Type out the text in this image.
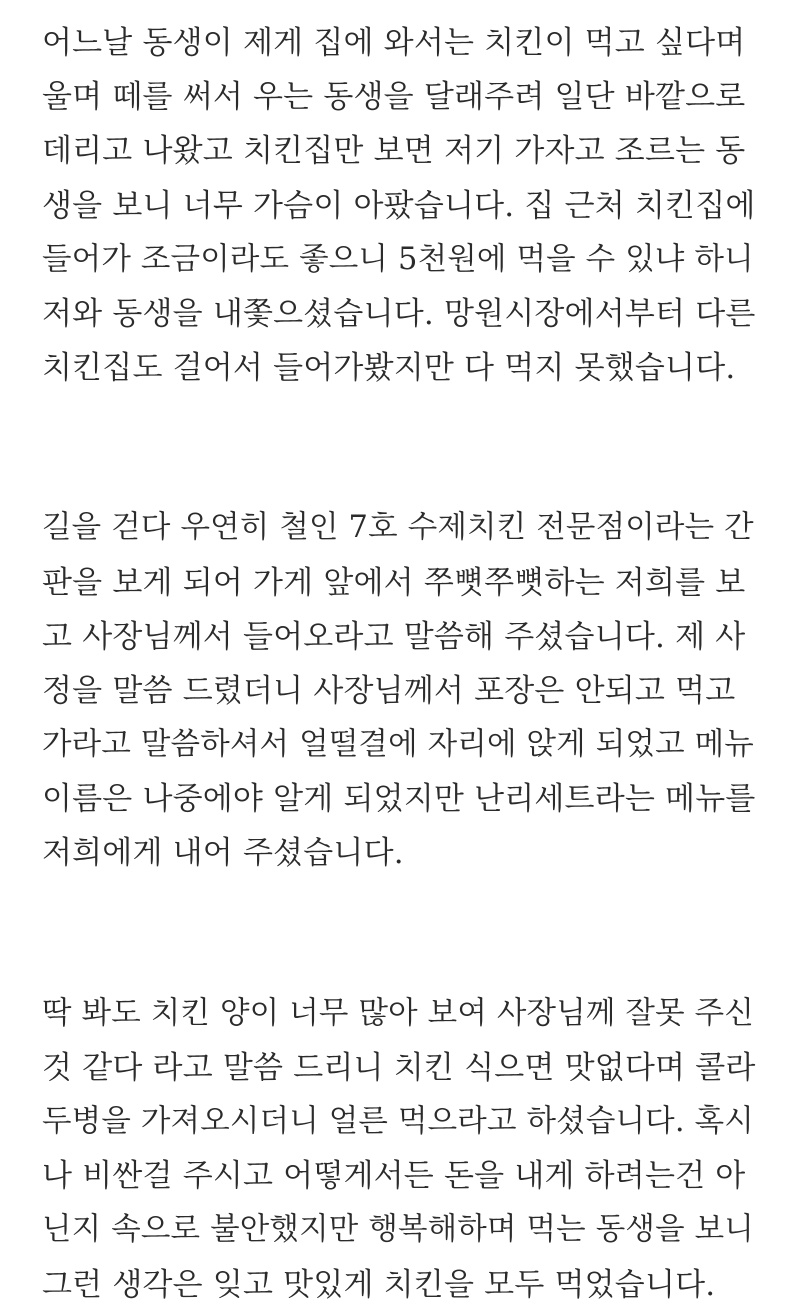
어느날 동생이 제게 집에 와서는 치킨이 먹고 싶다며
울며 떼를 써서 우는 동생을 달래주려 일단 바깥으로
데리고 나왔고 치킨집만 보면 저기 가자고 조르는 동
생을 보니 너무 가슴이 아팠습니다. 집 근처 치킨집에
들어가 조금이라도 좋으니 5천원에 먹을 수 있냐 하니
저와 동생을 내쫓으셨습니다. 망원시장에서부터 다른
치킨집도 걸어서 들어가봤지만 다 먹지 못했습니다.
길을 걷다 우연히 철인 7호 수제치킨 전문점이라는 간
판을 보게 되어 가게 앞에서 쭈뼛쭈뼛하는 저희를 보
고 사장님께서 들어오라고 말씀해 주셨습니다. 제 사
정을 말씀 드렸더니 사장님께서 포장은 안되고 먹고
가라고 말씀하셔서 얼떨결에 자리에 앉게 되었고 메뉴
이름은 나중에야 알게 되었지만 난리세트라는 메뉴를
저희에게 내어 주셨습니다.
딱 봐도 치킨 양이 너무 많아 보여 사장님께 잘못 주신
것 같다 라고 말씀 드리니 치킨 식으면 맛없다며 콜라
두병을 가져오시더니 얼른 먹으라고 하셨습니다. 혹시
나 비싼걸 주시고 어떻게서든 돈을 내게 하려는건 아
닌지 속으로 불안했지만 행복해하며 먹는 동생을 보니
그런 생각은 잊고 맛있게 치킨을 모두 먹었습니다.
